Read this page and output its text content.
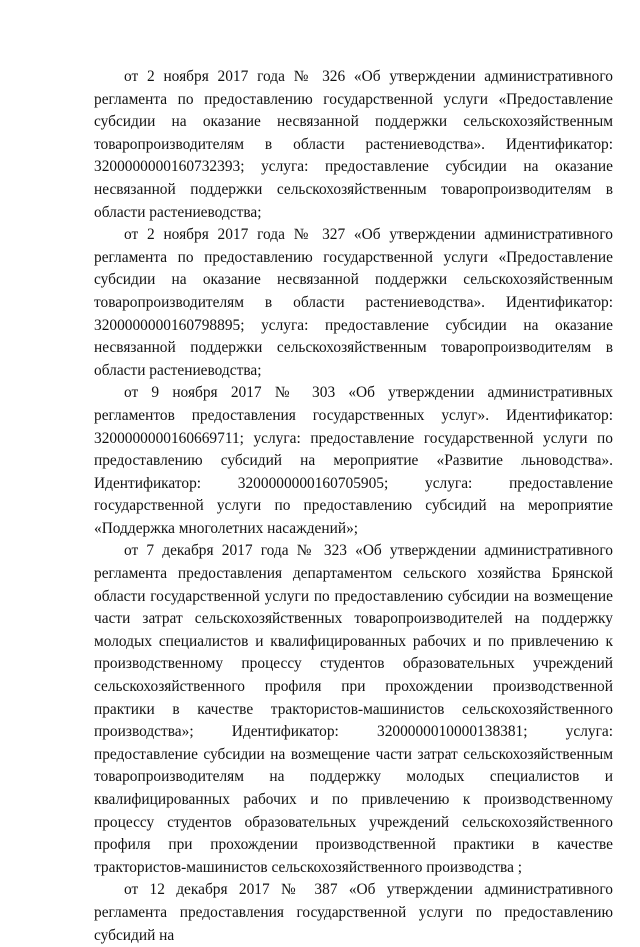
от 2 ноября 2017 года № 326 «Об утверждении административного регламента по предоставлению государственной услуги «Предоставление субсидии на оказание несвязанной поддержки сельскохозяйственным товаропроизводителям в области растениеводства». Идентификатор: 3200000000160732393; услуга: предоставление субсидии на оказание несвязанной поддержки сельскохозяйственным товаропроизводителям в области растениеводства;

от 2 ноября 2017 года № 327 «Об утверждении административного регламента по предоставлению государственной услуги «Предоставление субсидии на оказание несвязанной поддержки сельскохозяйственным товаропроизводителям в области растениеводства». Идентификатор: 3200000000160798895; услуга: предоставление субсидии на оказание несвязанной поддержки сельскохозяйственным товаропроизводителям в области растениеводства;

от 9 ноября 2017 № 303 «Об утверждении административных регламентов предоставления государственных услуг». Идентификатор: 3200000000160669711; услуга: предоставление государственной услуги по предоставлению субсидий на мероприятие «Развитие льноводства». Идентификатор: 3200000000160705905; услуга: предоставление государственной услуги по предоставлению субсидий на мероприятие «Поддержка многолетних насаждений»;

от 7 декабря 2017 года № 323 «Об утверждении административного регламента предоставления департаментом сельского хозяйства Брянской области государственной услуги по предоставлению субсидии на возмещение части затрат сельскохозяйственных товаропроизводителей на поддержку молодых специалистов и квалифицированных рабочих и по привлечению к производственному процессу студентов образовательных учреждений сельскохозяйственного профиля при прохождении производственной практики в качестве трактористов-машинистов сельскохозяйственного производства»; Идентификатор: 3200000010000138381; услуга: предоставление субсидии на возмещение части затрат сельскохозяйственным товаропроизводителям на поддержку молодых специалистов и квалифицированных рабочих и по привлечению к производственному процессу студентов образовательных учреждений сельскохозяйственного профиля при прохождении производственной практики в качестве трактористов-машинистов сельскохозяйственного производства ;

от 12 декабря 2017 № 387 «Об утверждении административного регламента предоставления государственной услуги по предоставлению субсидий на
